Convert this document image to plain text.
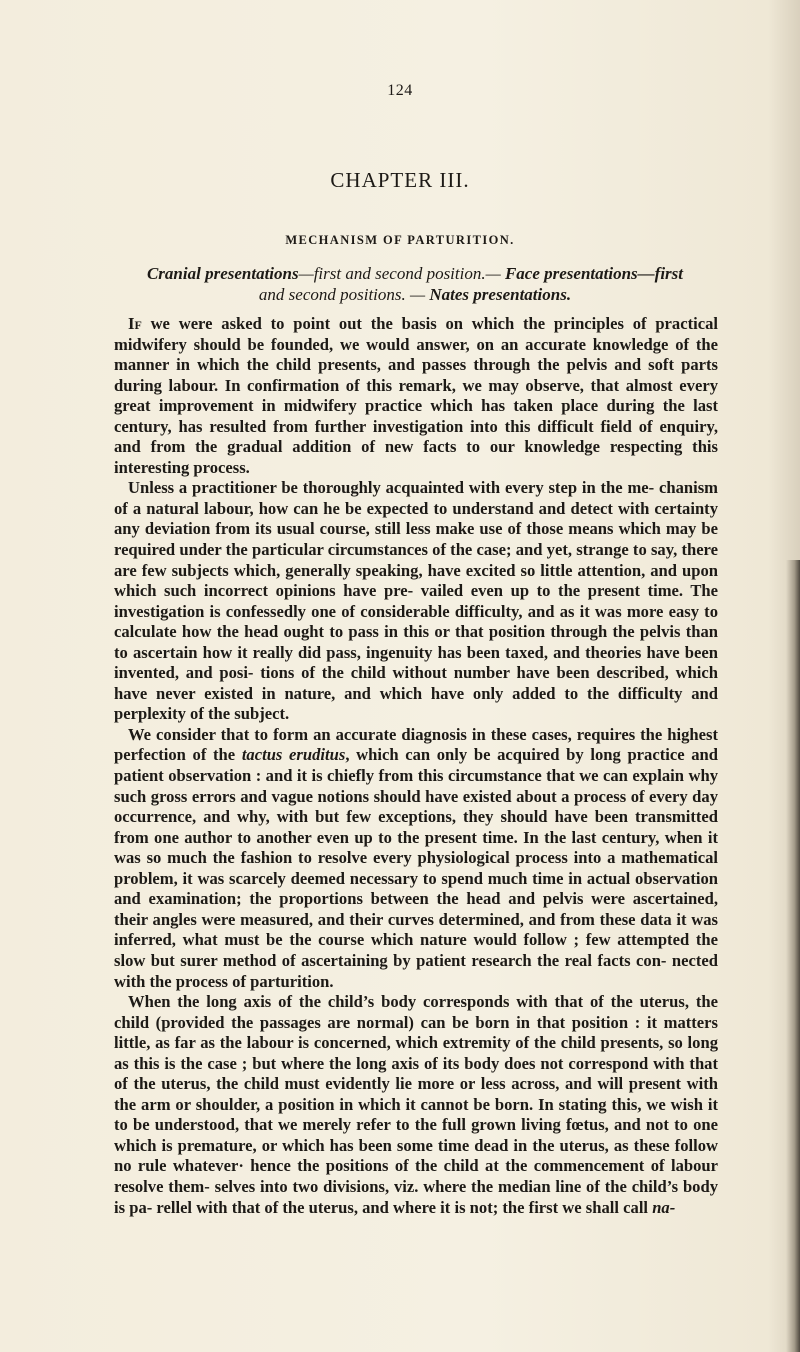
124
CHAPTER III.
MECHANISM OF PARTURITION.
Cranial presentations—first and second position.— Face presentations—first
and second positions. — Nates presentations.

If we were asked to point out the basis on which the principles of practical midwifery should be founded, we would answer, on an accurate knowledge of the manner in which the child presents, and passes through the pelvis and soft parts during labour. In confirmation of this remark, we may observe, that almost every great improvement in midwifery practice which has taken place during the last century, has resulted from further investigation into this difficult field of enquiry, and from the gradual addition of new facts to our knowledge respecting this interesting process.

Unless a practitioner be thoroughly acquainted with every step in the me- chanism of a natural labour, how can he be expected to understand and detect with certainty any deviation from its usual course, still less make use of those means which may be required under the particular circumstances of the case; and yet, strange to say, there are few subjects which, generally speaking, have excited so little attention, and upon which such incorrect opinions have pre- vailed even up to the present time. The investigation is confessedly one of considerable difficulty, and as it was more easy to calculate how the head ought to pass in this or that position through the pelvis than to ascertain how it really did pass, ingenuity has been taxed, and theories have been invented, and posi- tions of the child without number have been described, which have never existed in nature, and which have only added to the difficulty and perplexity of the subject.

We consider that to form an accurate diagnosis in these cases, requires the highest perfection of the tactus eruditus, which can only be acquired by long practice and patient observation : and it is chiefly from this circumstance that we can explain why such gross errors and vague notions should have existed about a process of every day occurrence, and why, with but few exceptions, they should have been transmitted from one author to another even up to the present time. In the last century, when it was so much the fashion to resolve every physiological process into a mathematical problem, it was scarcely deemed necessary to spend much time in actual observation and examination; the proportions between the head and pelvis were ascertained, their angles were measured, and their curves determined, and from these data it was inferred, what must be the course which nature would follow ; few attempted the slow but surer method of ascertaining by patient research the real facts con- nected with the process of parturition.

When the long axis of the child’s body corresponds with that of the uterus, the child (provided the passages are normal) can be born in that position : it matters little, as far as the labour is concerned, which extremity of the child presents, so long as this is the case ; but where the long axis of its body does not correspond with that of the uterus, the child must evidently lie more or less across, and will present with the arm or shoulder, a position in which it cannot be born. In stating this, we wish it to be understood, that we merely refer to the full grown living fœtus, and not to one which is premature, or which has been some time dead in the uterus, as these follow no rule whatever· hence the positions of the child at the commencement of labour resolve them- selves into two divisions, viz. where the median line of the child’s body is pa- rellel with that of the uterus, and where it is not; the first we shall call na-
